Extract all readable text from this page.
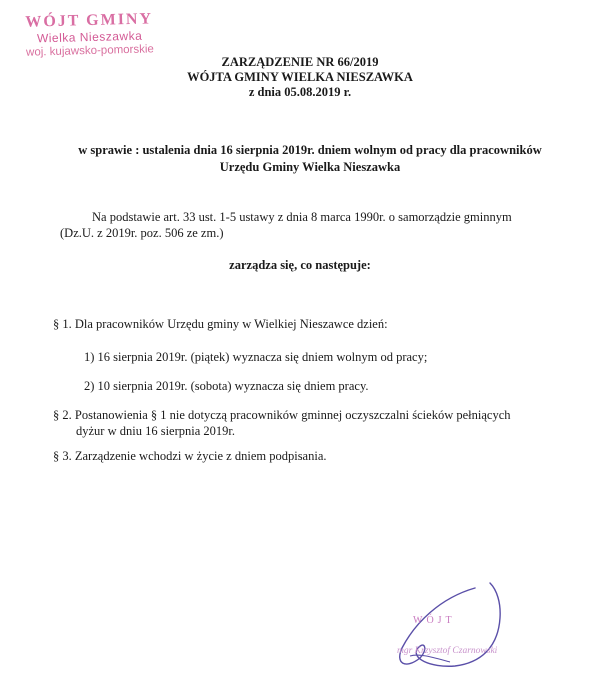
WÓJT GMINY
Wielka Nieszawka
woj. kujawsko-pomorskie
ZARZĄDZENIE NR 66/2019
WÓJTA GMINY WIELKA NIESZAWKA
z dnia 05.08.2019 r.
w sprawie : ustalenia dnia 16 sierpnia 2019r. dniem wolnym od pracy dla pracowników
Urzędu Gminy Wielka Nieszawka
Na podstawie art. 33 ust. 1-5 ustawy z dnia 8 marca 1990r. o samorządzie gminnym
(Dz.U. z 2019r. poz. 506 ze zm.)
zarządza się, co następuje:
§ 1. Dla pracowników Urzędu gminy w Wielkiej Nieszawce dzień:
1) 16 sierpnia 2019r. (piątek) wyznacza się dniem wolnym od pracy;
2) 10 sierpnia 2019r. (sobota) wyznacza się dniem pracy.
§ 2. Postanowienia § 1 nie dotyczą pracowników gminnej oczyszczalni ścieków pełniących
dyżur w dniu 16 sierpnia 2019r.
§ 3. Zarządzenie wchodzi w życie z dniem podpisania.
WÓJT
mgr Krzysztof Czarnowski
